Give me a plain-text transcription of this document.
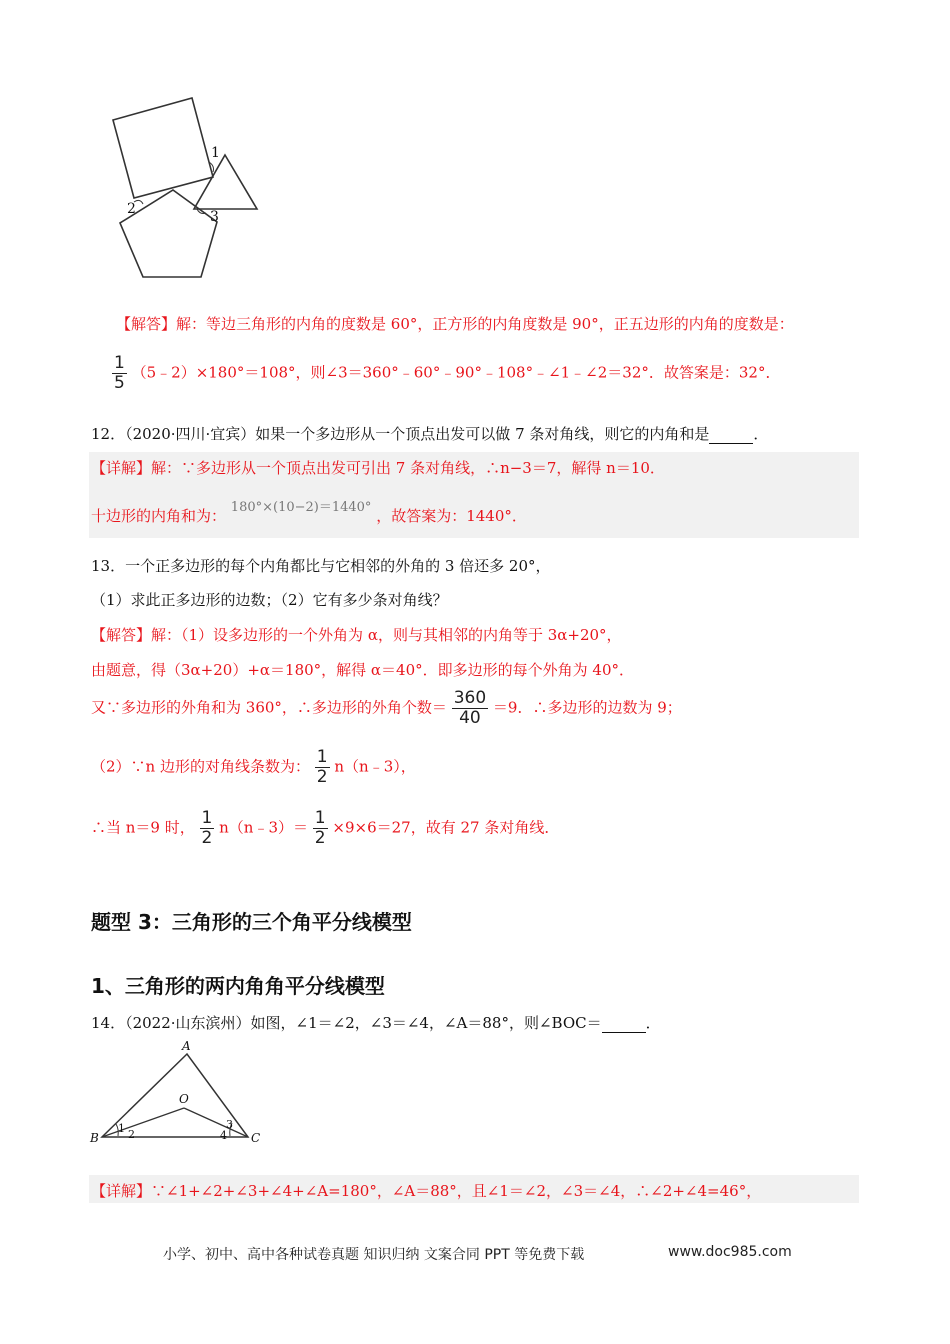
1
2	3
【解答】解：等边三角形的内角的度数是 60°，正方形的内角度数是 90°，正五边形的内角的度数是：
$\frac{1}{5}$ （5﹣2）×180°＝108°，则∠3＝360°﹣60°﹣90°﹣108°﹣∠1﹣∠2＝32°．故答案是：32°．
12．（2020·四川·宜宾）如果一个多边形从一个顶点出发可以做 7 条对角线，则它的内角和是	．
【详解】解：∵多边形从一个顶点出发可引出 7 条对角线，∴n−3＝7，解得 n＝10．
十边形的内角和为： 180°×(10−2)＝1440° ，故答案为：1440°．
13．一个正多边形的每个内角都比与它相邻的外角的 3 倍还多 20°，
（1）求此正多边形的边数；（2）它有多少条对角线？
【解答】解：（1）设多边形的一个外角为 α，则与其相邻的内角等于 3α+20°，
由题意，得（3α+20）+α＝180°，解得 α＝40°．即多边形的每个外角为 40°．
又∵多边形的外角和为 360°，∴多边形的外角个数＝ $\frac{360}{40} =9$．∴多边形的边数为 9；
（2）∵n 边形的对角线条数为： $\frac{1}{2}$ n（n﹣3），
∴当 n＝9 时， $\frac{1}{2}$ n（n﹣3）＝ $\frac{1}{2} \times 9\times 6=27$，故有 27 条对角线．
题型 3：三角形的三个角平分线模型
1、三角形的两内角角平分线模型
14．（2022·山东滨州）如图，∠1＝∠2，∠3＝∠4，∠A＝88°，则∠BOC＝	．
A
O
B	C
1 2
3
4
【详解】∵∠1+∠2+∠3+∠4+∠A=180°，∠A＝88°，且∠1＝∠2，∠3＝∠4，∴∠2+∠4=46°，
小学、初中、高中各种试卷真题 知识归纳 文案合同 PPT 等免费下载	www.doc985.com
